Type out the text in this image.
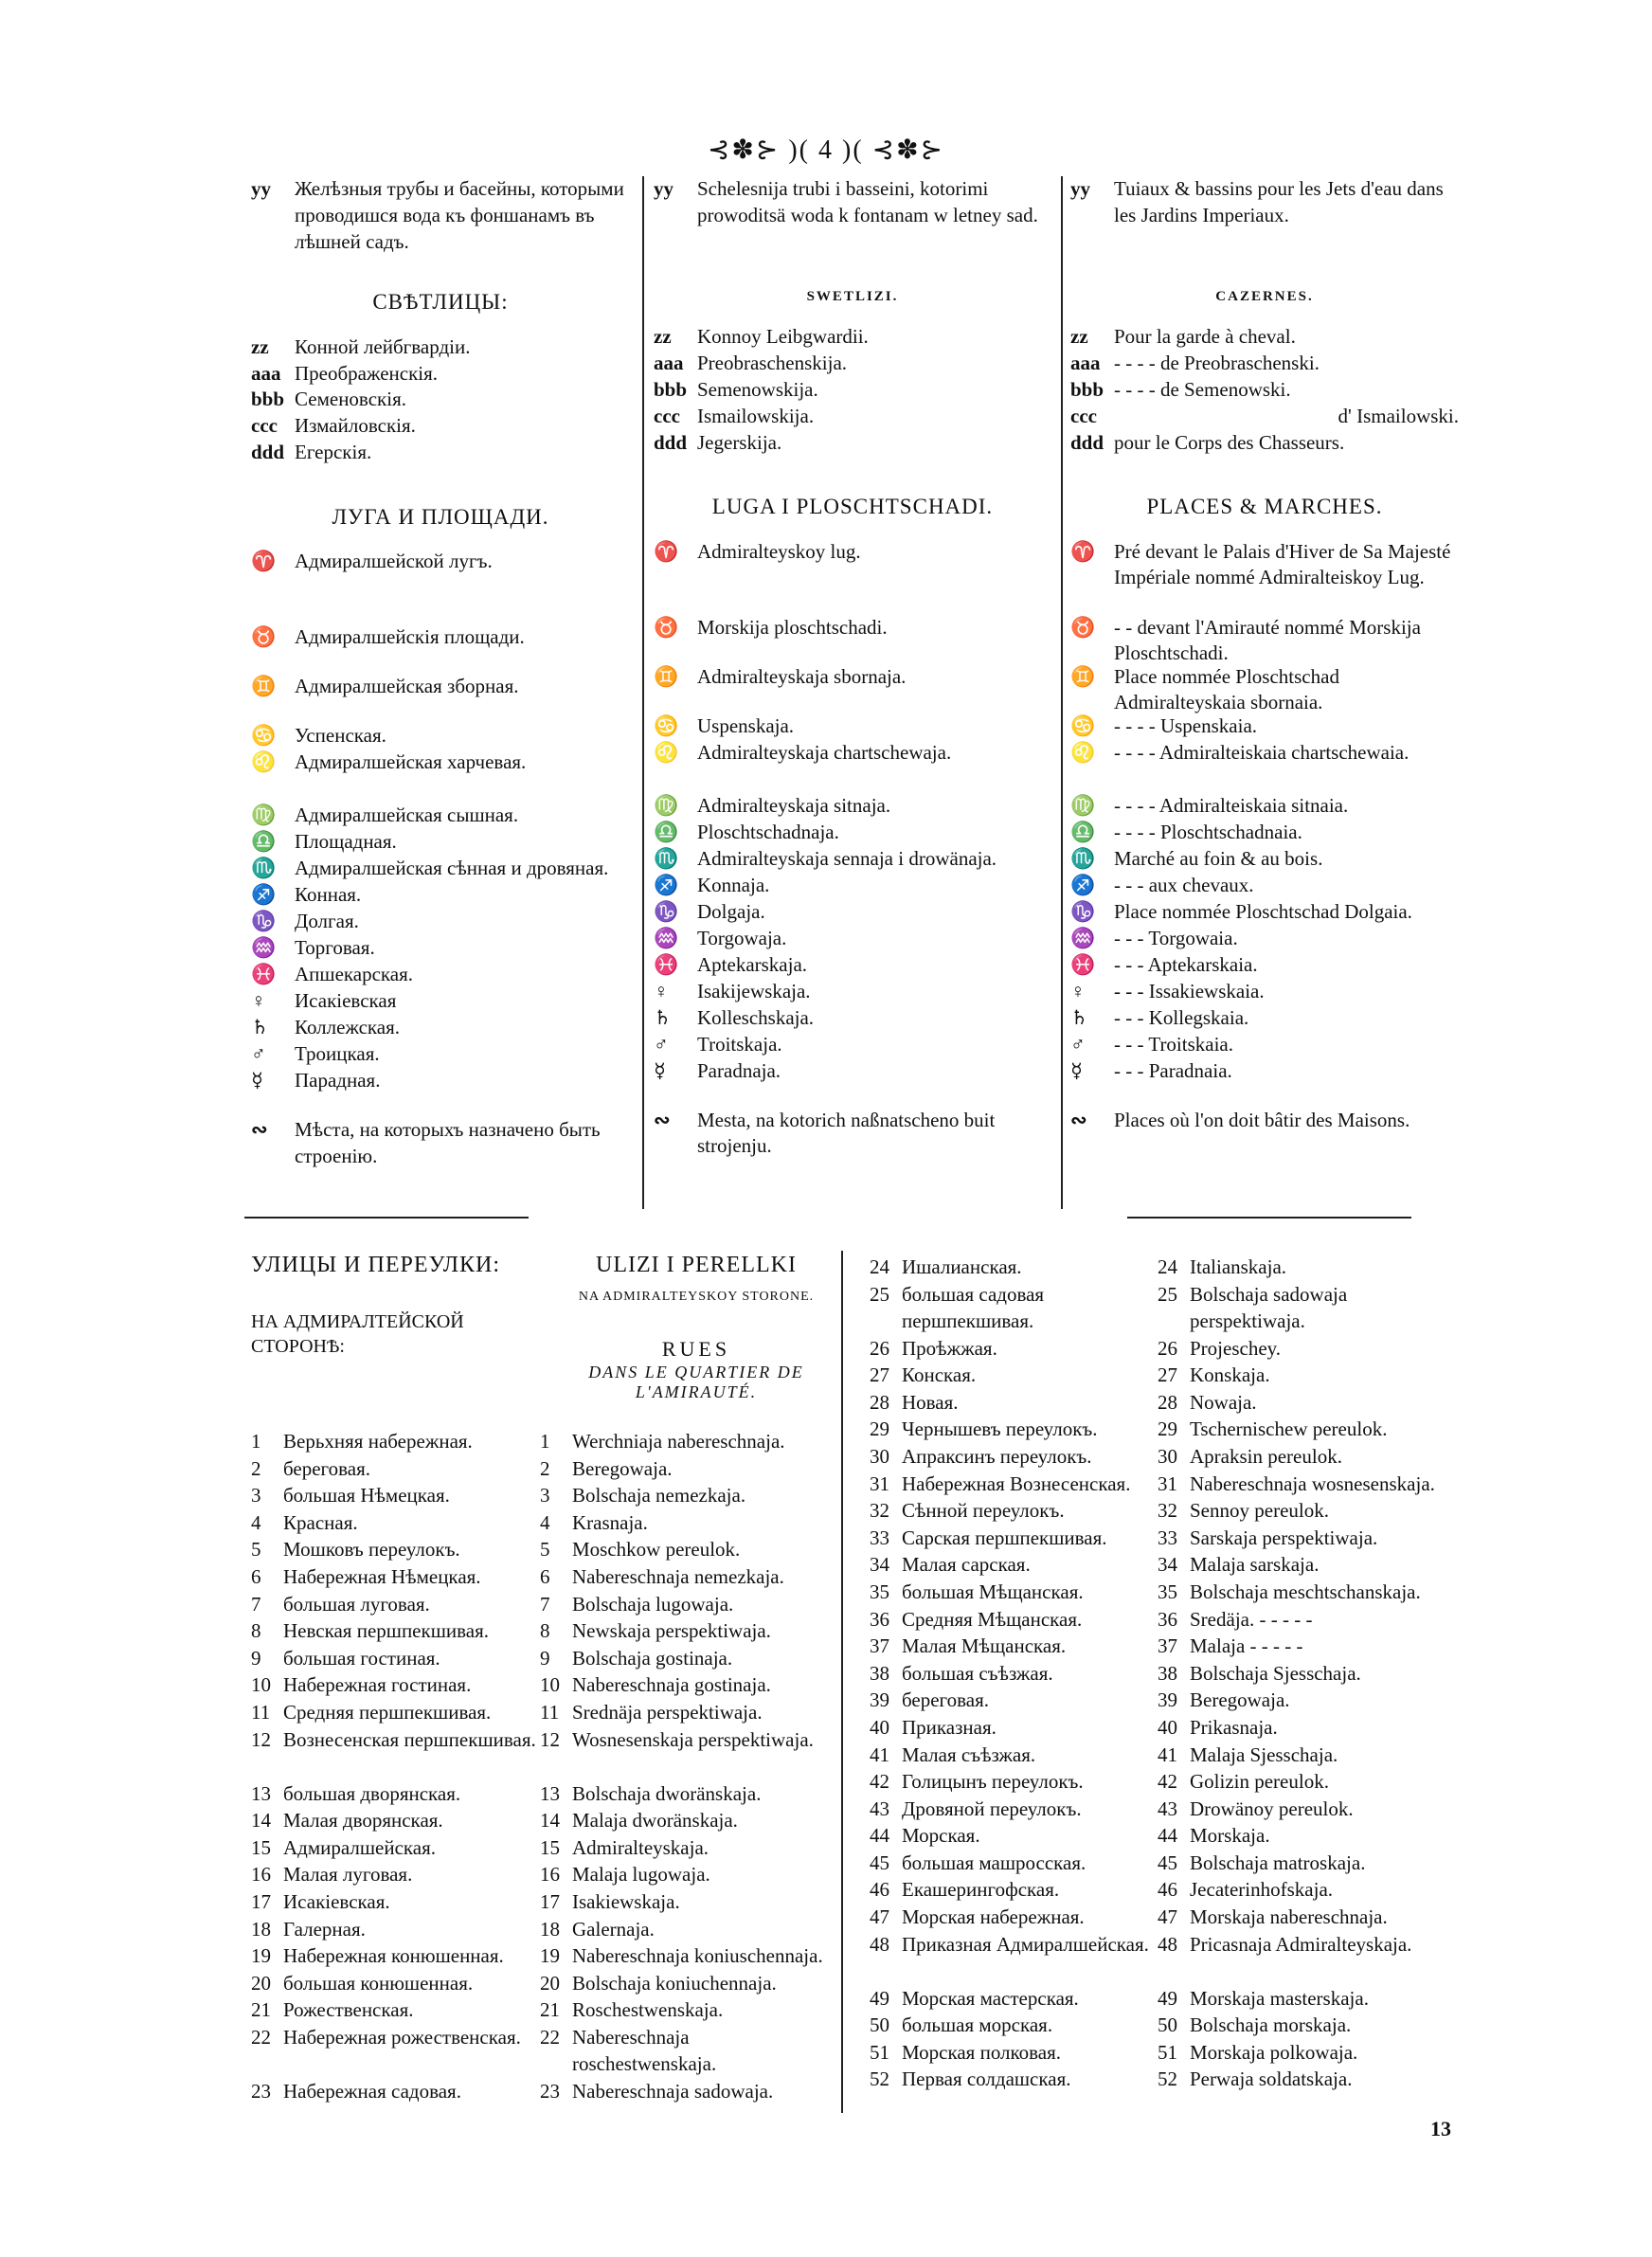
⊰✽⊱ )( 4 )( ⊰✽⊱
yy	Желѣзныя трубы и басейны, которыми проводишся вода къ фоншанамъ въ лѣшней садъ.
СВѢТЛИЦЫ:
zz	Конной лейбгвардіи.
aaa Преображенскія.
bbb Семеновскія.
ccc Измайловскія.
ddd Егерскія.
ЛУГА И ПЛОЩАДИ.
♈ Адмиралшейской лугъ.
♉ Адмиралшейскія площади.
♊ Адмиралшейская зборная.
♋ Успенская.
♌ Адмиралшейская харчевая.
♍ Адмиралшейская сышная.
♎ Площадная.
♏ Адмиралшейская сѣнная и дровяная.
♐ Конная.
♑ Долгая.
♒ Торговая.
♓ Апшекарская.
♀	Исакіевская
♄	Коллежская.
♂	Троицкая.
☿	Парадная.
∾	Мѣста, на которыхъ назначено быть строенію.
yy	Schelesnija trubi i basseini, kotorimi prowoditsä woda k fontanam w letney sad.
SWETLIZI.
zz	Konnoy Leibgwardii.
aaa Preobraschenskija.
bbb Semenowskija.
ccc Ismailowskija.
ddd Jegerskija.
LUGA I PLOSCHTSCHADI.
♈ Admiralteyskoy lug.
♉ Morskija ploschtschadi.
♊ Admiralteyskaja sbornaja.
♋ Uspenskaja.
♌ Admiralteyskaja chartschewaja.
♍ Admiralteyskaja sitnaja.
♎ Ploschtschadnaja.
♏ Admiralteyskaja sennaja i drowänaja.
♐ Konnaja.
♑ Dolgaja.
♒ Torgowaja.
♓ Aptekarskaja.
♀	Isakijewskaja.
♄	Kolleschskaja.
♂	Troitskaja.
☿	Paradnaja.
∾	Mesta, na kotorich naßnatscheno buit strojenju.
yy	Tuiaux & bassins pour les Jets d'eau dans les Jardins Imperiaux.
CAZERNES.
zz	Pour la garde à cheval.
aaa - - - - de Preobraschenski.
bbb - - - - de Semenowski.
ccc	d' Ismailowski.
ddd pour le Corps des Chasseurs.
PLACES & MARCHES.
♈ Pré devant le Palais d'Hiver de Sa Majesté Impériale nommé Admiralteiskoy Lug.
♉ - - devant l'Amirauté nommé Morskija Ploschtschadi.
♊ Place nommée Ploschtschad Admiralteyskaia sbornaia.
♋ - - - - Uspenskaia.
♌ - - - - Admiralteiskaia chartschewaia.
♍ - - - - Admiralteiskaia sitnaia.
♎ - - - - Ploschtschadnaia.
♏ Marché au foin & au bois.
♐ - - - aux chevaux.
♑ Place nommée Ploschtschad Dolgaia.
♒ - - - Torgowaia.
♓ - - - Aptekarskaia.
♀	- - - Issakiewskaia.
♄	- - - Kollegskaia.
♂	- - - Troitskaia.
☿	- - - Paradnaia.
∾	Places où l'on doit bâtir des Maisons.
УЛИЦЫ И ПЕРЕУЛКИ:
НА АДМИРАЛТЕЙСКОЙ СТОРОНѢ:
ULIZI I PERELLKI
NA ADMIRALTEYSKOY STORONE.
RUES
DANS LE QUARTIER DE L'AMIRAUTÉ.
1	Верьхняя набережная.
2	береговая.
3	большая Нѣмецкая.
4	Красная.
5	Мошковъ переулокъ.
6	Набережная Нѣмецкая.
7	большая луговая.
8	Невская першпекшивая.
9	большая гостиная.
10 Набережная гостиная.
11 Средняя першпекшивая.
12 Вознесенская першпекшивая.
13 большая дворянская.
14 Малая дворянская.
15 Адмиралшейская.
16 Малая луговая.
17 Исакіевская.
18 Галерная.
19 Набережная конюшенная.
20 большая конюшенная.
21 Рожественская.
22 Набережная рожественская.
23 Набережная садовая.
1	Werchniaja nabereschnaja.
2	Beregowaja.
3	Bolschaja nemezkaja.
4	Krasnaja.
5	Moschkow pereulok.
6	Nabereschnaja nemezkaja.
7	Bolschaja lugowaja.
8	Newskaja perspektiwaja.
9	Bolschaja gostinaja.
10 Nabereschnaja gostinaja.
11 Srednäja perspektiwaja.
12 Wosnesenskaja perspektiwaja.
13 Bolschaja dworänskaja.
14 Malaja dworänskaja.
15 Admiralteyskaja.
16 Malaja lugowaja.
17 Isakiewskaja.
18 Galernaja.
19 Nabereschnaja koniuschennaja.
20 Bolschaja koniuchennaja.
21 Roschestwenskaja.
22 Nabereschnaja roschestwenskaja.
23 Nabereschnaja sadowaja.
24 Ишалианская.
25 большая садовая першпекшивая.
26 Проѣжжая.
27 Конская.
28 Новая.
29 Чернышевъ переулокъ.
30 Апраксинъ переулокъ.
31 Набережная Вознесенская.
32 Сѣнной переулокъ.
33 Сарская першпекшивая.
34 Малая сарская.
35 большая Мѣщанская.
36 Средняя Мѣщанская.
37 Малая Мѣщанская.
38 большая съѣзжая.
39 береговая.
40 Приказная.
41 Малая съѣзжая.
42 Голицынъ переулокъ.
43 Дровяной переулокъ.
44 Морская.
45 большая машросская.
46 Екашерингофская.
47 Морская набережная.
48 Приказная Адмиралшейская.
49 Морская мастерская.
50 большая морская.
51 Морская полковая.
52 Первая солдашская.
24 Italianskaja.
25 Bolschaja sadowaja perspektiwaja.
26 Projeschey.
27 Konskaja.
28 Nowaja.
29 Tschernischew pereulok.
30 Apraksin pereulok.
31 Nabereschnaja wosnesenskaja.
32 Sennoy pereulok.
33 Sarskaja perspektiwaja.
34 Malaja sarskaja.
35 Bolschaja meschtschanskaja.
36 Sredäja. - - - - -
37 Malaja - - - - -
38 Bolschaja Sjesschaja.
39 Beregowaja.
40 Prikasnaja.
41 Malaja Sjesschaja.
42 Golizin pereulok.
43 Drowänoy pereulok.
44 Morskaja.
45 Bolschaja matroskaja.
46 Jecaterinhofskaja.
47 Morskaja nabereschnaja.
48 Pricasnaja Admiralteyskaja.
49 Morskaja masterskaja.
50 Bolschaja morskaja.
51 Morskaja polkowaja.
52 Perwaja soldatskaja.
13
